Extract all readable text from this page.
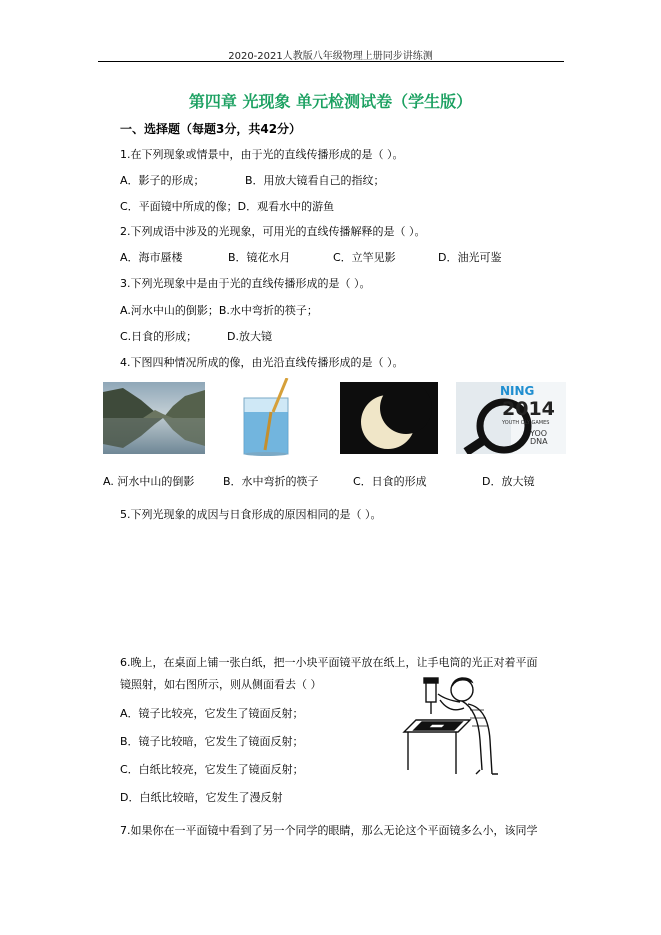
2020-2021人教版八年级物理上册同步讲练测
第四章 光现象 单元检测试卷（学生版）
一、选择题（每题3分，共42分）
1.在下列现象或情景中，由于光的直线传播形成的是（ ）。
A．影子的形成；	B．用放大镜看自己的指纹；
C．平面镜中所成的像；D．观看水中的游鱼
2.下列成语中涉及的光现象，可用光的直线传播解释的是（ ）。
A．海市蜃楼	B．镜花水月	C．立竿见影	D．油光可鉴
3.下列光现象中是由于光的直线传播形成的是（ ）。
A.河水中山的倒影；B.水中弯折的筷子；
C.日食的形成；	D.放大镜
4.下图四种情况所成的像，由光沿直线传播形成的是（ ）。
NING
2014
YOUTH OLY GAMES
YOO DNA
A. 河水中山的倒影	B．水中弯折的筷子	C．日食的形成	D．放大镜
5.下列光现象的成因与日食形成的原因相同的是（ ）。
6.晚上，在桌面上铺一张白纸，把一小块平面镜平放在纸上，让手电筒的光正对着平面
镜照射，如右图所示，则从侧面看去（ ）
A．镜子比较亮，它发生了镜面反射；
B．镜子比较暗，它发生了镜面反射；
C．白纸比较亮，它发生了镜面反射；
D．白纸比较暗，它发生了漫反射
7.如果你在一平面镜中看到了另一个同学的眼睛，那么无论这个平面镜多么小，该同学
